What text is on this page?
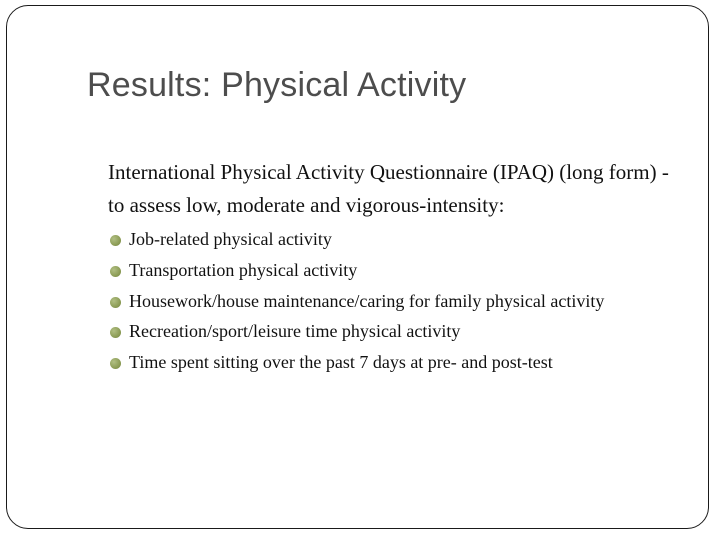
Results: Physical Activity

International Physical Activity Questionnaire (IPAQ) (long form) - to assess low, moderate and vigorous-intensity:

Job-related physical activity
Transportation physical activity
Housework/house maintenance/caring for family physical activity
Recreation/sport/leisure time physical activity
Time spent sitting over the past 7 days at pre- and post-test
